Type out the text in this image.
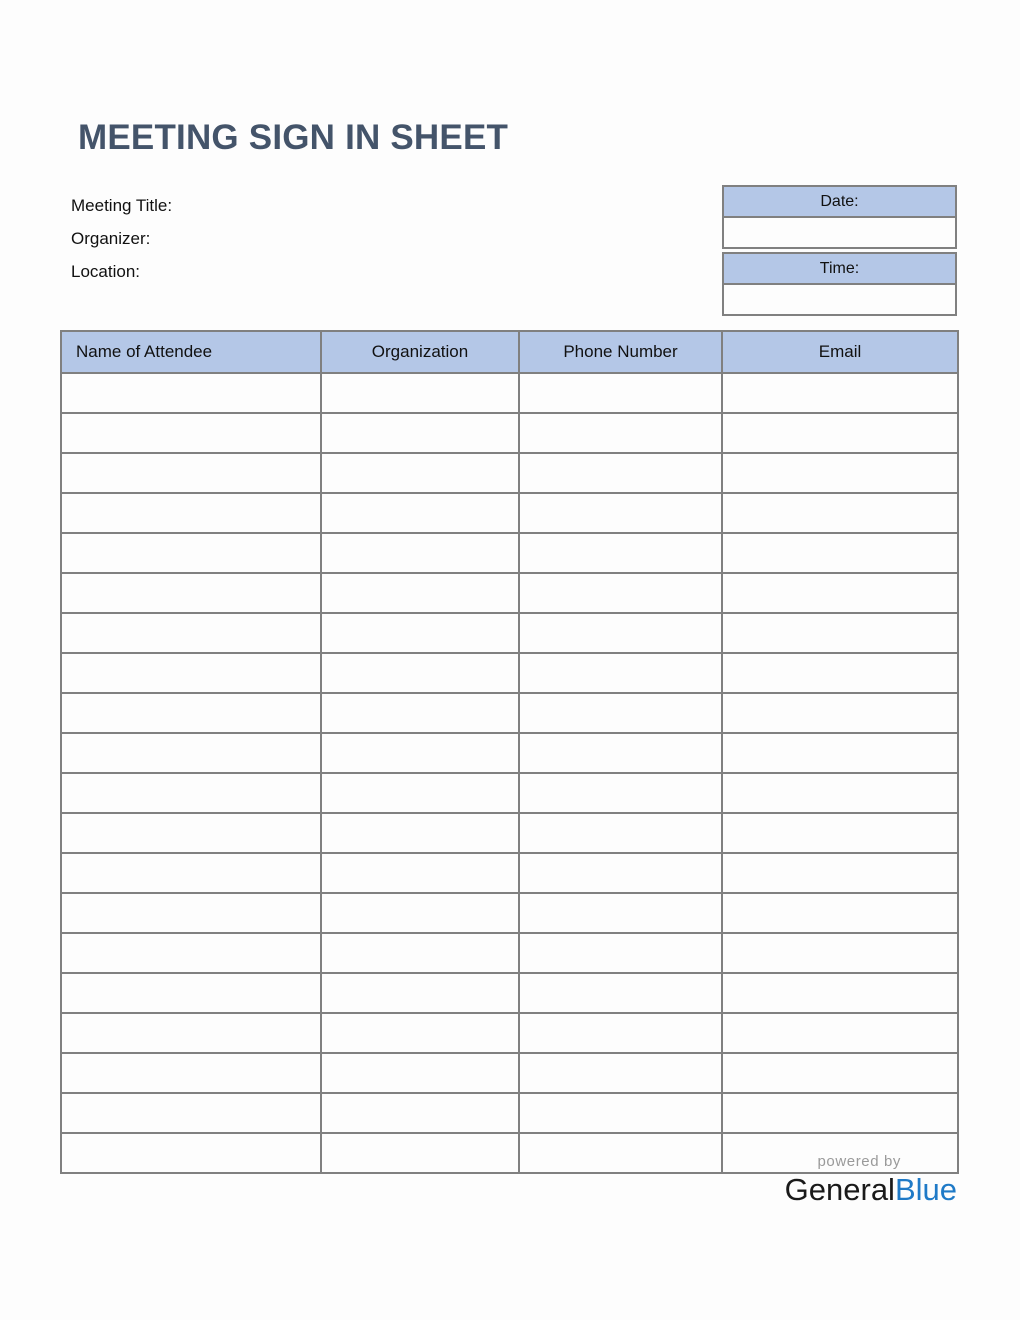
MEETING SIGN IN SHEET
Meeting Title:
Organizer:
Location:
Date:
Time:
Name of Attendee	Organization	Phone Number	Email

powered by
GeneralBlue
